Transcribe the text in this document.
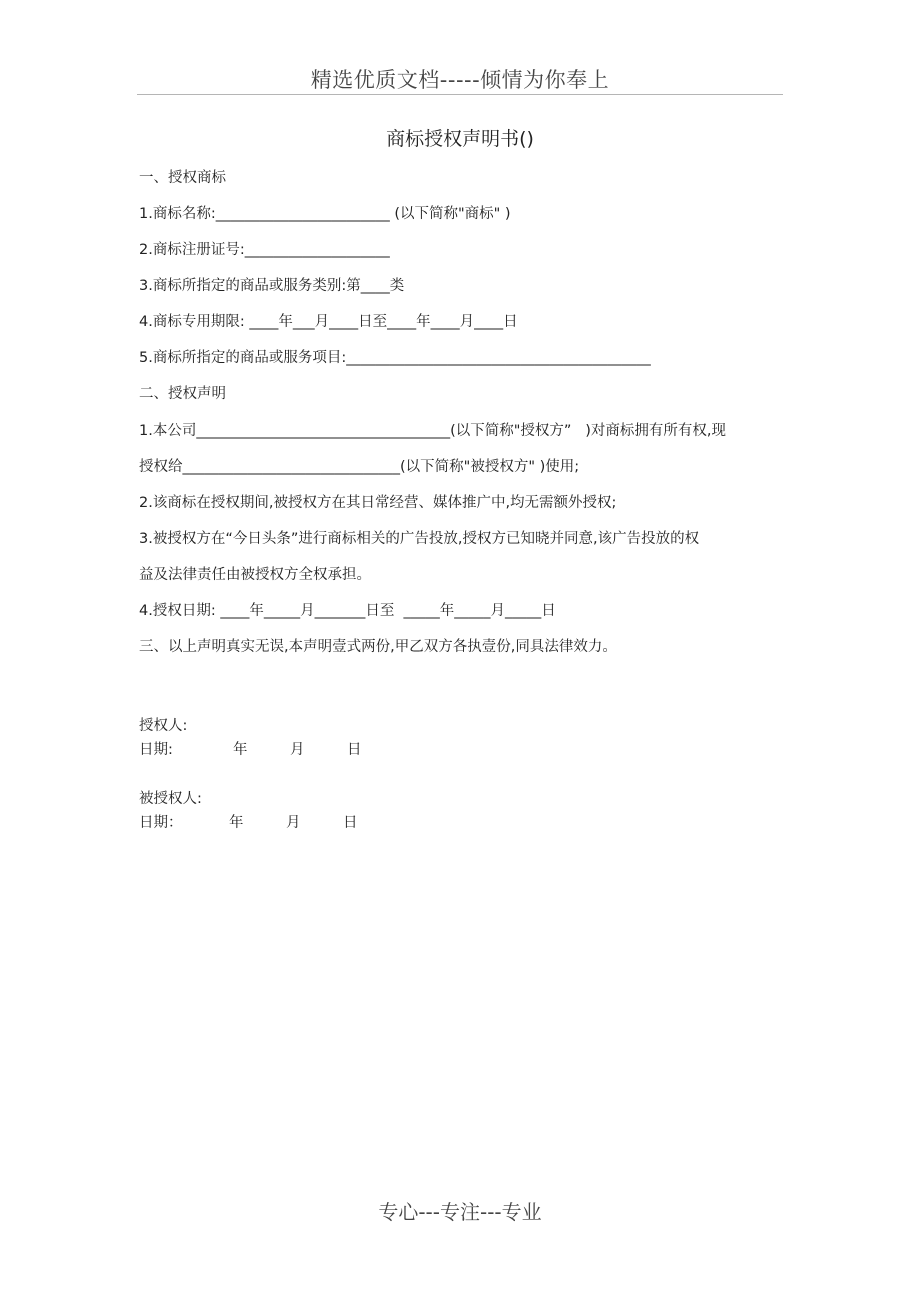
精选优质文档-----倾情为你奉上
商标授权声明书()
一、授权商标
1.商标名称:________________________ (以下简称"商标" )
2.商标注册证号:____________________
3.商标所指定的商品或服务类别:第____类
4.商标专用期限: ____年___月____日至____年____月____日
5.商标所指定的商品或服务项目:__________________________________________
二、授权声明
1.本公司___________________________________(以下简称"授权方”   )对商标拥有所有权,现
授权给______________________________(以下简称"被授权方" )使用;
2.该商标在授权期间,被授权方在其日常经营、媒体推广中,均无需额外授权;
3.被授权方在“今日头条”进行商标相关的广告投放,授权方已知晓并同意,该广告投放的权
益及法律责任由被授权方全权承担。
4.授权日期: ____年_____月_______日至  _____年_____月_____日
三、以上声明真实无误,本声明壹式两份,甲乙双方各执壹份,同具法律效力。
授权人:
日期:	年	月	日
被授权人:
日期：	年	月	日
专心---专注---专业
